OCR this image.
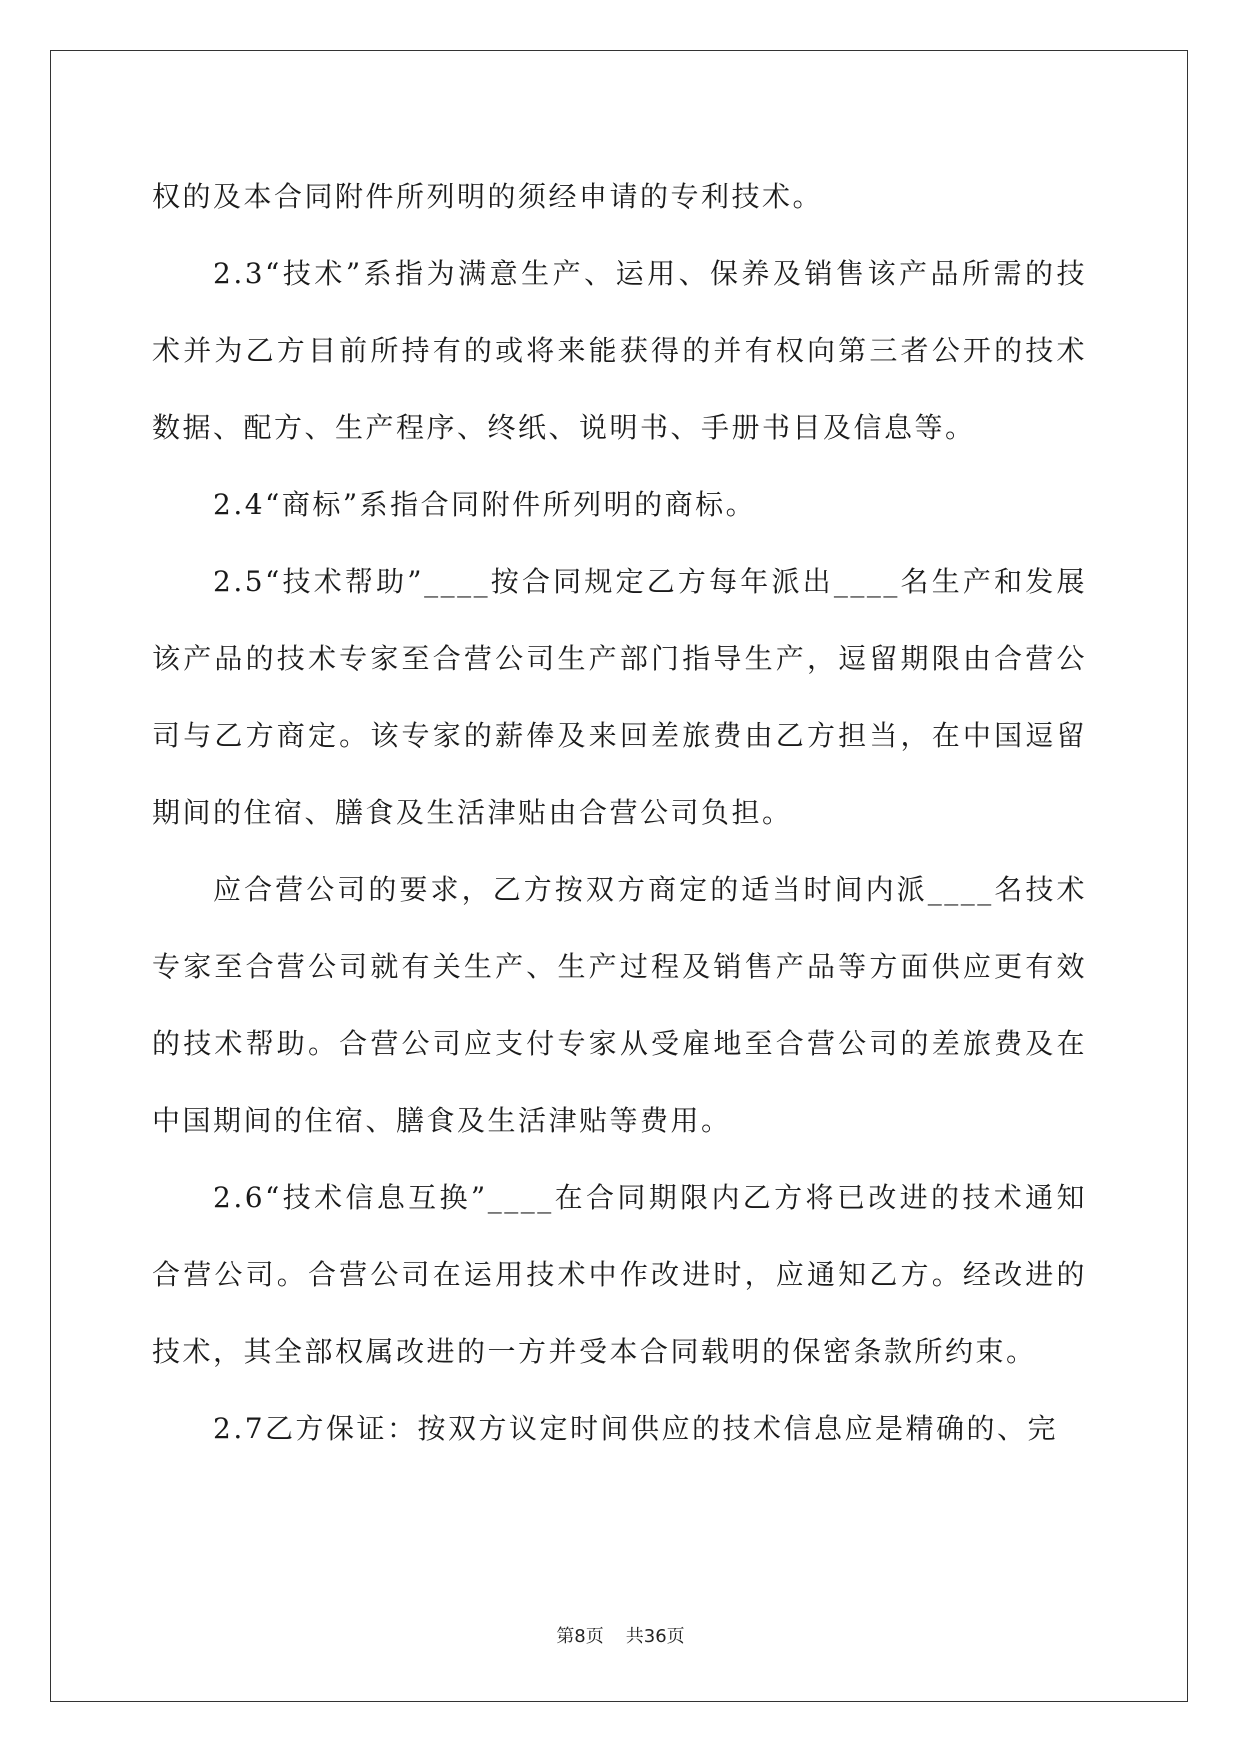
权的及本合同附件所列明的须经申请的专利技术。

2.3“技术”系指为满意生产、运用、保养及销售该产品所需的技术并为乙方目前所持有的或将来能获得的并有权向第三者公开的技术数据、配方、生产程序、终纸、说明书、手册书目及信息等。

2.4“商标”系指合同附件所列明的商标。

2.5“技术帮助”____按合同规定乙方每年派出____名生产和发展该产品的技术专家至合营公司生产部门指导生产，逗留期限由合营公司与乙方商定。该专家的薪俸及来回差旅费由乙方担当，在中国逗留期间的住宿、膳食及生活津贴由合营公司负担。

应合营公司的要求，乙方按双方商定的适当时间内派____名技术专家至合营公司就有关生产、生产过程及销售产品等方面供应更有效的技术帮助。合营公司应支付专家从受雇地至合营公司的差旅费及在中国期间的住宿、膳食及生活津贴等费用。

2.6“技术信息互换”____在合同期限内乙方将已改进的技术通知合营公司。合营公司在运用技术中作改进时，应通知乙方。经改进的技术，其全部权属改进的一方并受本合同载明的保密条款所约束。

2.7乙方保证：按双方议定时间供应的技术信息应是精确的、完

第8页 共36页
